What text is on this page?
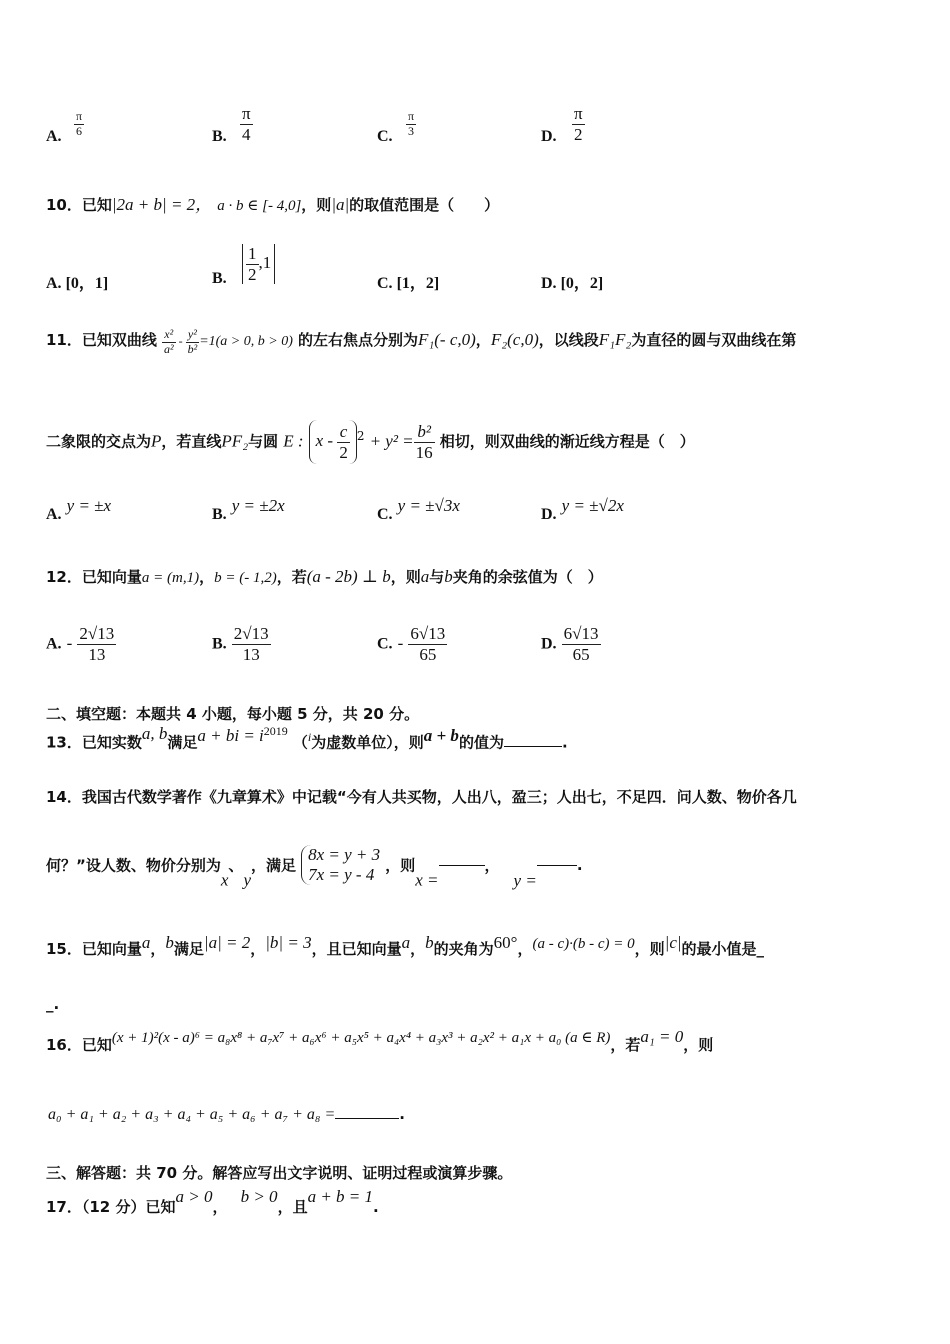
A. $\frac{\pi}{6}$	B. $\frac{\pi}{4}$	C. $\frac{\pi}{3}$	D. $\frac{\pi}{2}$
10．已知|2a + b| = 2， a · b ∈ [- 4,0]，则|a|的取值范围是（　　）
A. [0，1]	B. $\frac{1}{2} ,1$
C. [1，2]	D. [0，2]
11．已知双曲线 $\frac{\text{x²}}{\text{a²}} - \frac{\text{y²}}{\text{b²}} =1(a > 0$, b > 0) 的左右焦点分别为F₁(- c,0)，F₂(c,0)，以线段F₁F₂为直径的圆与双曲线在第
二象限的交点为P，若直线PF₂与圆 E : $x - \frac{c}{2} ^2 + y^2 = \frac{\text{b²}}{16}$ 相切，则双曲线的渐近线方程是（　）
A. y = ±x	B. y = ±2x	C. y = ±√3x	D. y = ±√2x
12．已知向量a = (m,1)，b = (- 1,2)，若(a - 2b) ⊥ b，则a与b夹角的余弦值为（　）
A. - $\frac{2√13}{13}$	B. $\frac{2√13}{13}$	C. - $\frac{6√13}{65}$	D. $\frac{6√13}{65}$
二、填空题：本题共 4 小题，每小题 5 分，共 20 分。
13．已知实数a, b满足a + bi = $i^{2019}$ （$^i$为虚数单位），则a + b的值为	.
14．我国古代数学著作《九章算术》中记载“今有人共买物，人出八，盈三；人出七，不足四．问人数、物价各几
何？”设人数、物价分别为x、y，满足
8x = y + 3
7x = y - 4 ，则x =，y =.
15．已知向量a，b满足|a| = 2，|b| = 3，且已知向量a，b的夹角为60°，(a - c)·(b - c) = 0，则|c|的最小值是_
_.
16．已知(x + 1)²(x - a)⁶ = a₈x⁸ + a₇x⁷ + a₆x⁶ + a₅x⁵ + a₄x⁴ + a₃x³ + a₂x² + a₁x + a₀ (a ∈ R)，若a₁ = 0，则
a₀ + a₁ + a₂ + a₃ + a₄ + a₅ + a₆ + a₇ + a₈ =	.
三、解答题：共 70 分。解答应写出文字说明、证明过程或演算步骤。
17．（12 分）已知a > 0， b > 0，且a + b = 1.
